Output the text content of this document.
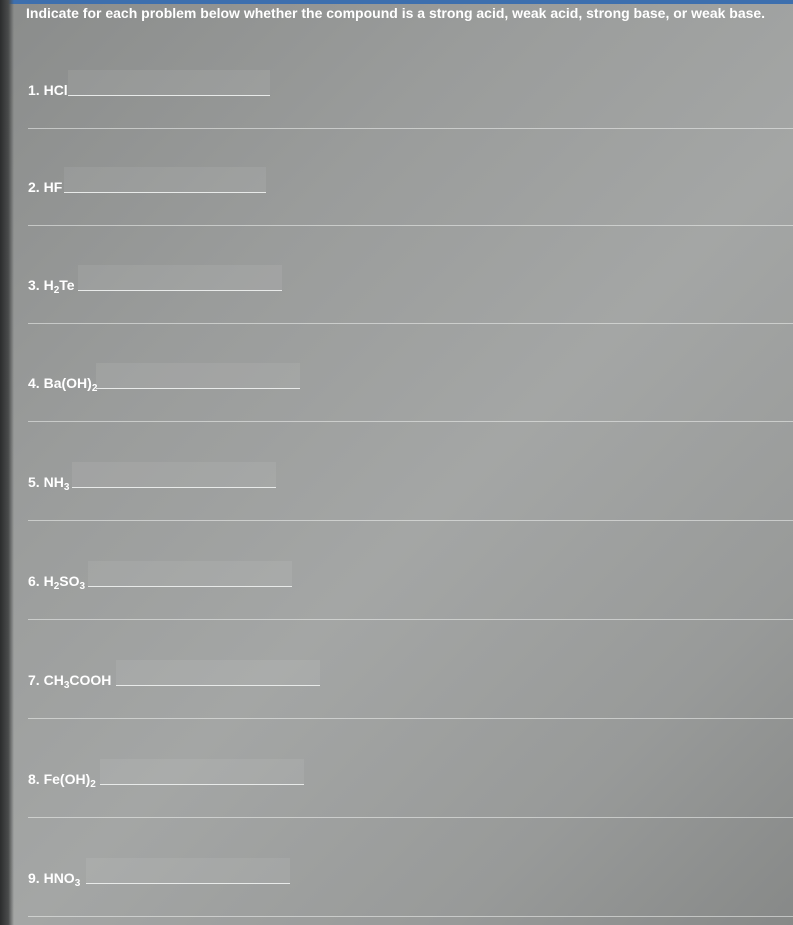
Indicate for each problem below whether the compound is a strong acid, weak acid, strong base, or weak base.
1. HCl
2. HF
3. $H_2Te$
4. $Ba(OH)_2$
5. $NH_3$
6. $H_2SO_3$
7. $CH_3COOH$
8. $Fe(OH)_2$
9. $HNO_3$
